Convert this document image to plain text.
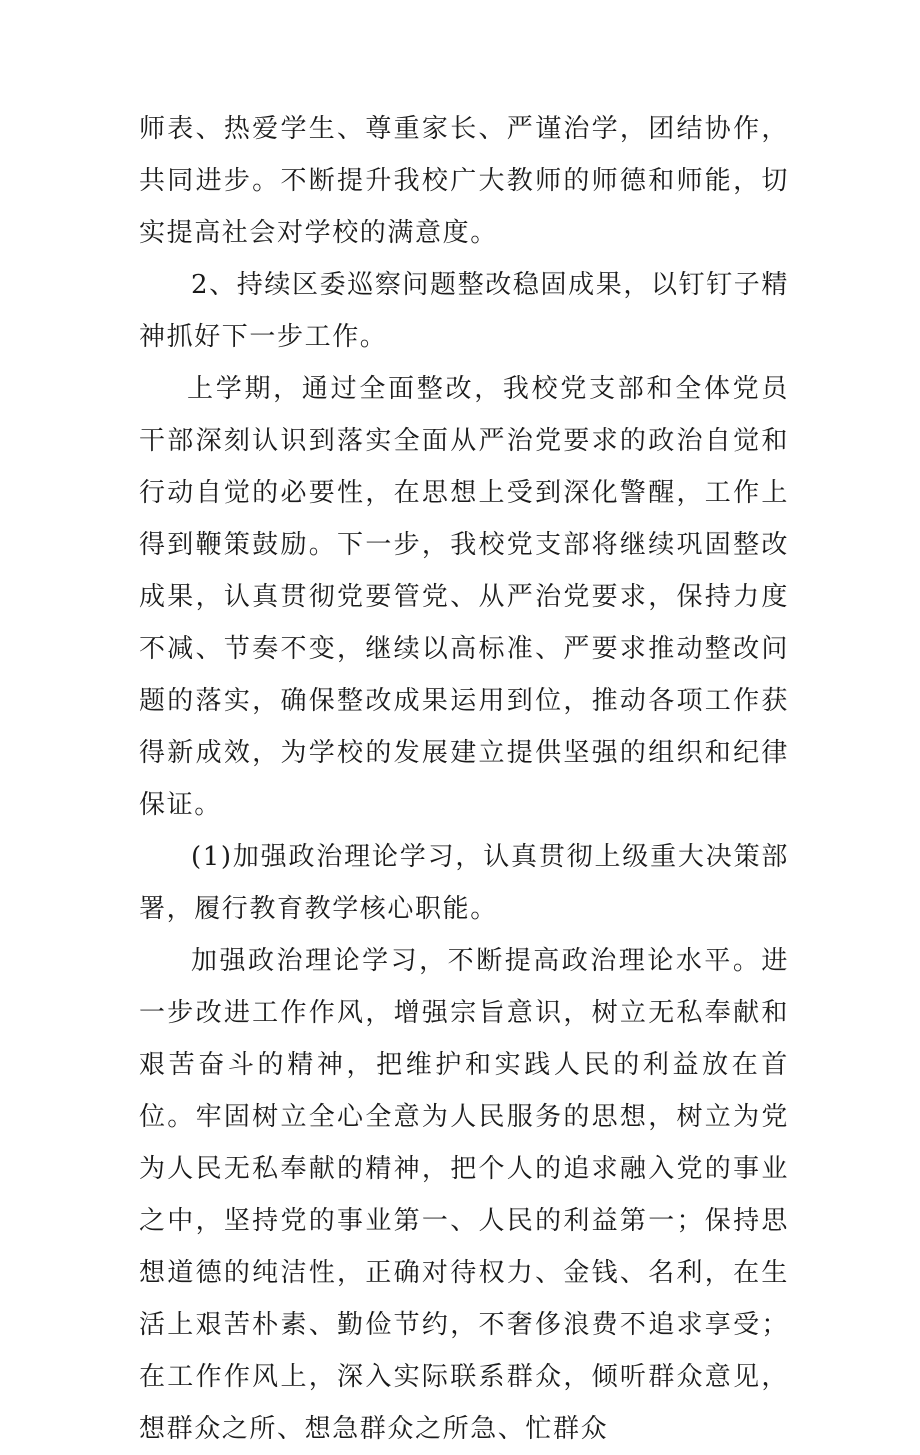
师表、热爱学生、尊重家长、严谨治学，团结协作，共同进步。不断提升我校广大教师的师德和师能，切实提高社会对学校的满意度。

2、持续区委巡察问题整改稳固成果，以钉钉子精神抓好下一步工作。

上学期，通过全面整改，我校党支部和全体党员干部深刻认识到落实全面从严治党要求的政治自觉和行动自觉的必要性，在思想上受到深化警醒，工作上得到鞭策鼓励。下一步，我校党支部将继续巩固整改成果，认真贯彻党要管党、从严治党要求，保持力度不减、节奏不变，继续以高标准、严要求推动整改问题的落实，确保整改成果运用到位，推动各项工作获得新成效，为学校的发展建立提供坚强的组织和纪律保证。

(1)加强政治理论学习，认真贯彻上级重大决策部署，履行教育教学核心职能。

加强政治理论学习，不断提高政治理论水平。进一步改进工作作风，增强宗旨意识，树立无私奉献和艰苦奋斗的精神，把维护和实践人民的利益放在首位。牢固树立全心全意为人民服务的思想，树立为党为人民无私奉献的精神，把个人的追求融入党的事业之中，坚持党的事业第一、人民的利益第一；保持思想道德的纯洁性，正确对待权力、金钱、名利，在生活上艰苦朴素、勤俭节约，不奢侈浪费不追求享受；在工作作风上，深入实际联系群众，倾听群众意见，想群众之所、想急群众之所急、忙群众
